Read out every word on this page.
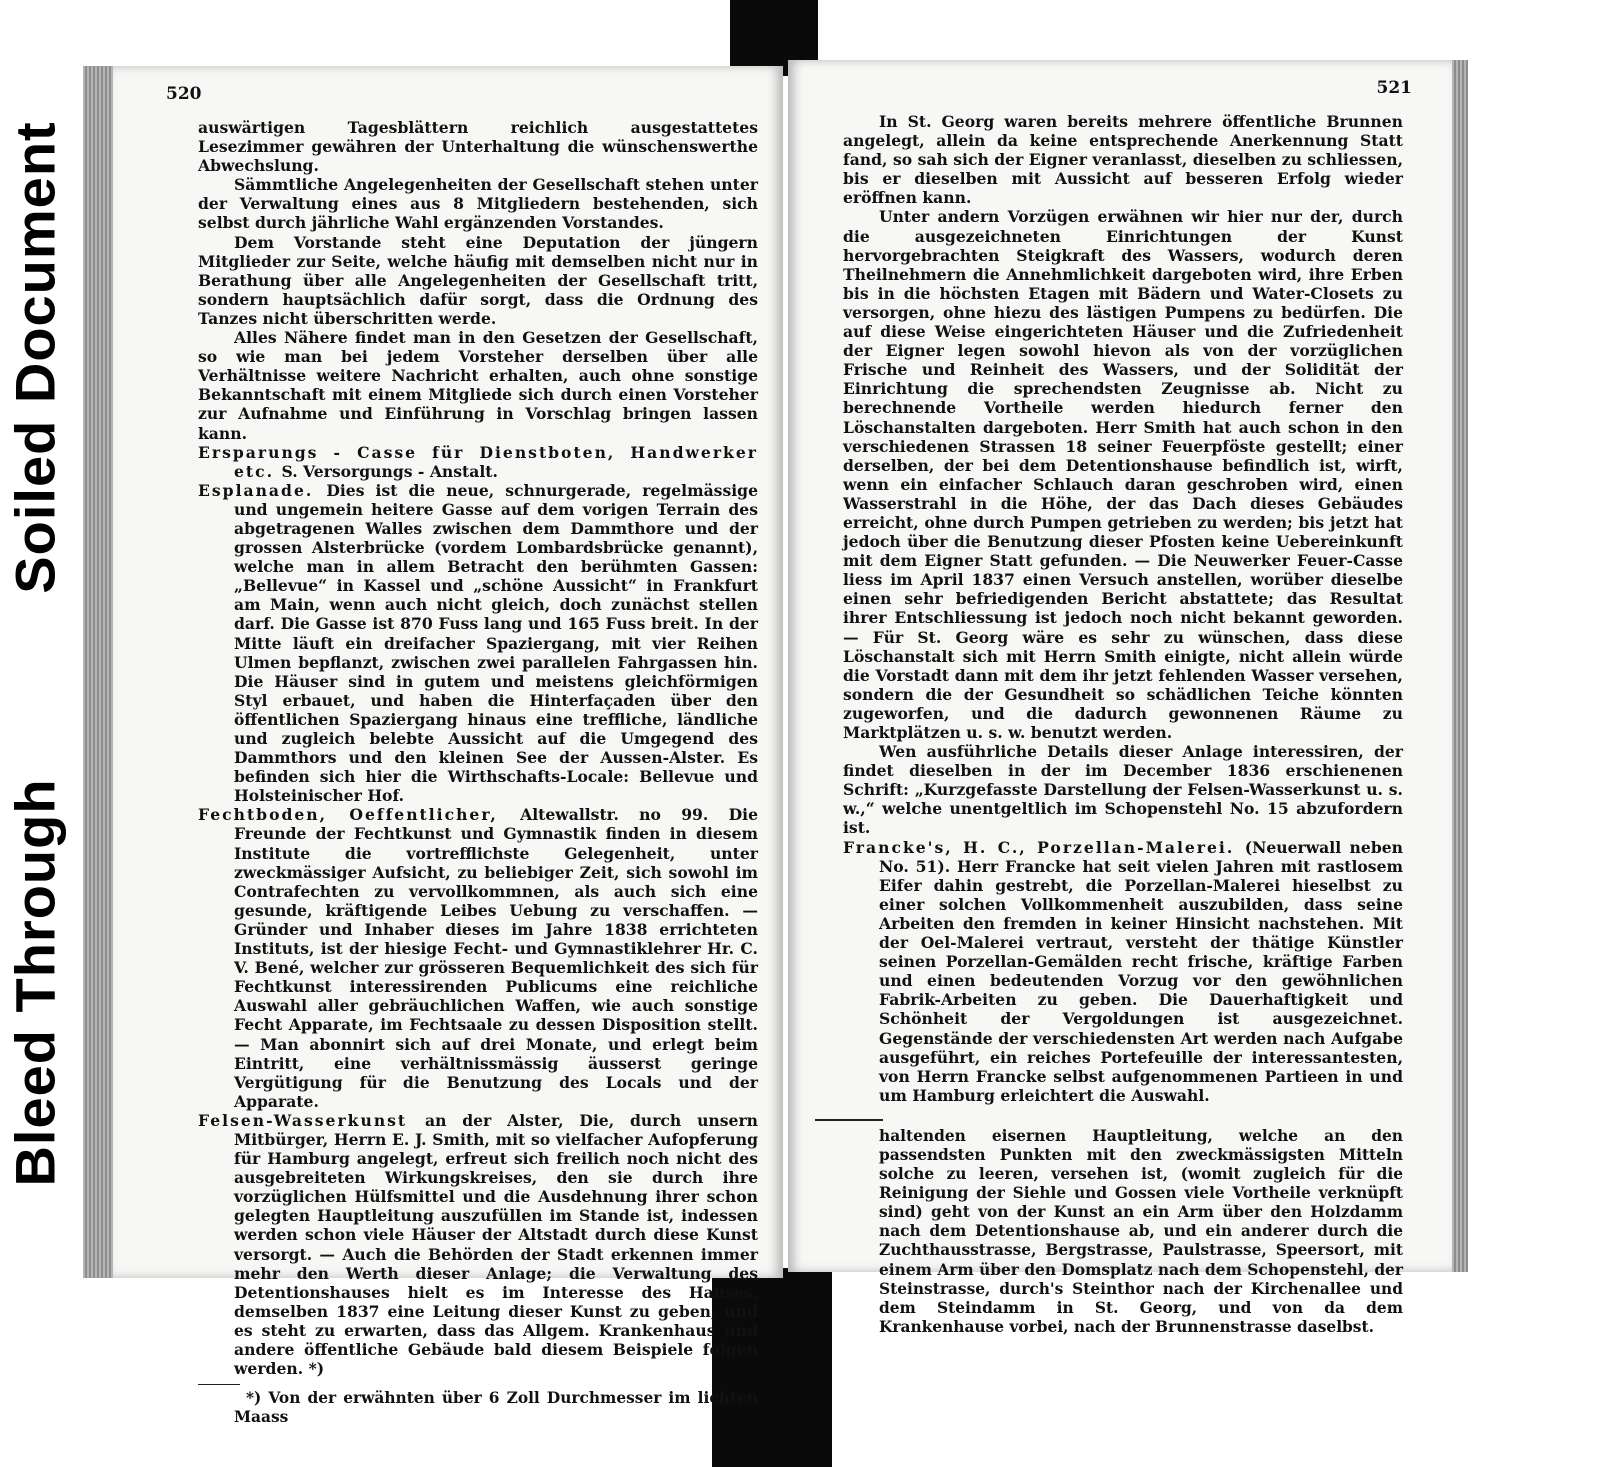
Soiled Document
Bleed Through
520

auswärtigen Tagesblättern reichlich ausgestattetes Lesezimmer gewähren der Unterhaltung die wünschenswerthe Abwechslung.

Sämmtliche Angelegenheiten der Gesellschaft stehen unter der Verwaltung eines aus 8 Mitgliedern bestehenden, sich selbst durch jährliche Wahl ergänzenden Vorstandes.

Dem Vorstande steht eine Deputation der jüngern Mitglieder zur Seite, welche häufig mit demselben nicht nur in Berathung über alle Angelegenheiten der Gesellschaft tritt, sondern hauptsächlich dafür sorgt, dass die Ordnung des Tanzes nicht überschritten werde.

Alles Nähere findet man in den Gesetzen der Gesellschaft, so wie man bei jedem Vorsteher derselben über alle Verhältnisse weitere Nachricht erhalten, auch ohne sonstige Bekanntschaft mit einem Mitgliede sich durch einen Vorsteher zur Aufnahme und Einführung in Vorschlag bringen lassen kann.

Ersparungs - Casse für Dienstboten, Handwerker etc. S. Versorgungs - Anstalt.

Esplanade. Dies ist die neue, schnurgerade, regelmässige und ungemein heitere Gasse auf dem vorigen Terrain des abgetragenen Walles zwischen dem Dammthore und der grossen Alsterbrücke (vordem Lombardsbrücke genannt), welche man in allem Betracht den berühmten Gassen: „Bellevue“ in Kassel und „schöne Aussicht“ in Frankfurt am Main, wenn auch nicht gleich, doch zunächst stellen darf. Die Gasse ist 870 Fuss lang und 165 Fuss breit. In der Mitte läuft ein dreifacher Spaziergang, mit vier Reihen Ulmen bepflanzt, zwischen zwei parallelen Fahrgassen hin. Die Häuser sind in gutem und meistens gleichförmigen Styl erbauet, und haben die Hinterfaçaden über den öffentlichen Spaziergang hinaus eine treffliche, ländliche und zugleich belebte Aussicht auf die Umgegend des Dammthors und den kleinen See der Aussen-Alster. Es befinden sich hier die Wirthschafts-Locale: Bellevue und Holsteinischer Hof.

Fechtboden, Oeffentlicher, Altewallstr. no 99. Die Freunde der Fechtkunst und Gymnastik finden in diesem Institute die vortrefflichste Gelegenheit, unter zweckmässiger Aufsicht, zu beliebiger Zeit, sich sowohl im Contrafechten zu vervollkommnen, als auch sich eine gesunde, kräftigende Leibes Uebung zu verschaffen. — Gründer und Inhaber dieses im Jahre 1838 errichteten Instituts, ist der hiesige Fecht- und Gymnastiklehrer Hr. C. V. Bené, welcher zur grösseren Bequemlichkeit des sich für Fechtkunst interessirenden Publicums eine reichliche Auswahl aller gebräuchlichen Waffen, wie auch sonstige Fecht Apparate, im Fechtsaale zu dessen Disposition stellt. — Man abonnirt sich auf drei Monate, und erlegt beim Eintritt, eine verhältnissmässig äusserst geringe Vergütigung für die Benutzung des Locals und der Apparate.

Felsen-Wasserkunst an der Alster, Die, durch unsern Mitbürger, Herrn E. J. Smith, mit so vielfacher Aufopferung für Hamburg angelegt, erfreut sich freilich noch nicht des ausgebreiteten Wirkungskreises, den sie durch ihre vorzüglichen Hülfsmittel und die Ausdehnung ihrer schon gelegten Hauptleitung auszufüllen im Stande ist, indessen werden schon viele Häuser der Altstadt durch diese Kunst versorgt. — Auch die Behörden der Stadt erkennen immer mehr den Werth dieser Anlage; die Verwaltung des Detentionshauses hielt es im Interesse des Hauses, demselben 1837 eine Leitung dieser Kunst zu geben, und es steht zu erwarten, dass das Allgem. Krankenhaus und andere öffentliche Gebäude bald diesem Beispiele folgen werden. *)

*) Von der erwähnten über 6 Zoll Durchmesser im lichten Maass

521

In St. Georg waren bereits mehrere öffentliche Brunnen angelegt, allein da keine entsprechende Anerkennung Statt fand, so sah sich der Eigner veranlasst, dieselben zu schliessen, bis er dieselben mit Aussicht auf besseren Erfolg wieder eröffnen kann.

Unter andern Vorzügen erwähnen wir hier nur der, durch die ausgezeichneten Einrichtungen der Kunst hervorgebrachten Steigkraft des Wassers, wodurch deren Theilnehmern die Annehmlichkeit dargeboten wird, ihre Erben bis in die höchsten Etagen mit Bädern und Water-Closets zu versorgen, ohne hiezu des lästigen Pumpens zu bedürfen. Die auf diese Weise eingerichteten Häuser und die Zufriedenheit der Eigner legen sowohl hievon als von der vorzüglichen Frische und Reinheit des Wassers, und der Solidität der Einrichtung die sprechendsten Zeugnisse ab. Nicht zu berechnende Vortheile werden hiedurch ferner den Löschanstalten dargeboten. Herr Smith hat auch schon in den verschiedenen Strassen 18 seiner Feuerpföste gestellt; einer derselben, der bei dem Detentionshause befindlich ist, wirft, wenn ein einfacher Schlauch daran geschroben wird, einen Wasserstrahl in die Höhe, der das Dach dieses Gebäudes erreicht, ohne durch Pumpen getrieben zu werden; bis jetzt hat jedoch über die Benutzung dieser Pfosten keine Uebereinkunft mit dem Eigner Statt gefunden. — Die Neuwerker Feuer-Casse liess im April 1837 einen Versuch anstellen, worüber dieselbe einen sehr befriedigenden Bericht abstattete; das Resultat ihrer Entschliessung ist jedoch noch nicht bekannt geworden. — Für St. Georg wäre es sehr zu wünschen, dass diese Löschanstalt sich mit Herrn Smith einigte, nicht allein würde die Vorstadt dann mit dem ihr jetzt fehlenden Wasser versehen, sondern die der Gesundheit so schädlichen Teiche könnten zugeworfen, und die dadurch gewonnenen Räume zu Marktplätzen u. s. w. benutzt werden.

Wen ausführliche Details dieser Anlage interessiren, der findet dieselben in der im December 1836 erschienenen Schrift: „Kurzgefasste Darstellung der Felsen-Wasserkunst u. s. w.,“ welche unentgeltlich im Schopenstehl No. 15 abzufordern ist.

Francke's, H. C., Porzellan-Malerei. (Neuerwall neben No. 51). Herr Francke hat seit vielen Jahren mit rastlosem Eifer dahin gestrebt, die Porzellan-Malerei hieselbst zu einer solchen Vollkommenheit auszubilden, dass seine Arbeiten den fremden in keiner Hinsicht nachstehen. Mit der Oel-Malerei vertraut, versteht der thätige Künstler seinen Porzellan-Gemälden recht frische, kräftige Farben und einen bedeutenden Vorzug vor den gewöhnlichen Fabrik-Arbeiten zu geben. Die Dauerhaftigkeit und Schönheit der Vergoldungen ist ausgezeichnet. Gegenstände der verschiedensten Art werden nach Aufgabe ausgeführt, ein reiches Portefeuille der interessantesten, von Herrn Francke selbst aufgenommenen Partieen in und um Hamburg erleichtert die Auswahl.

haltenden eisernen Hauptleitung, welche an den passendsten Punkten mit den zweckmässigsten Mitteln solche zu leeren, versehen ist, (womit zugleich für die Reinigung der Siehle und Gossen viele Vortheile verknüpft sind) geht von der Kunst an ein Arm über den Holzdamm nach dem Detentionshause ab, und ein anderer durch die Zuchthausstrasse, Bergstrasse, Paulstrasse, Speersort, mit einem Arm über den Domsplatz nach dem Schopenstehl, der Steinstrasse, durch's Steinthor nach der Kirchenallee und dem Steindamm in St. Georg, und von da dem Krankenhause vorbei, nach der Brunnenstrasse daselbst.
